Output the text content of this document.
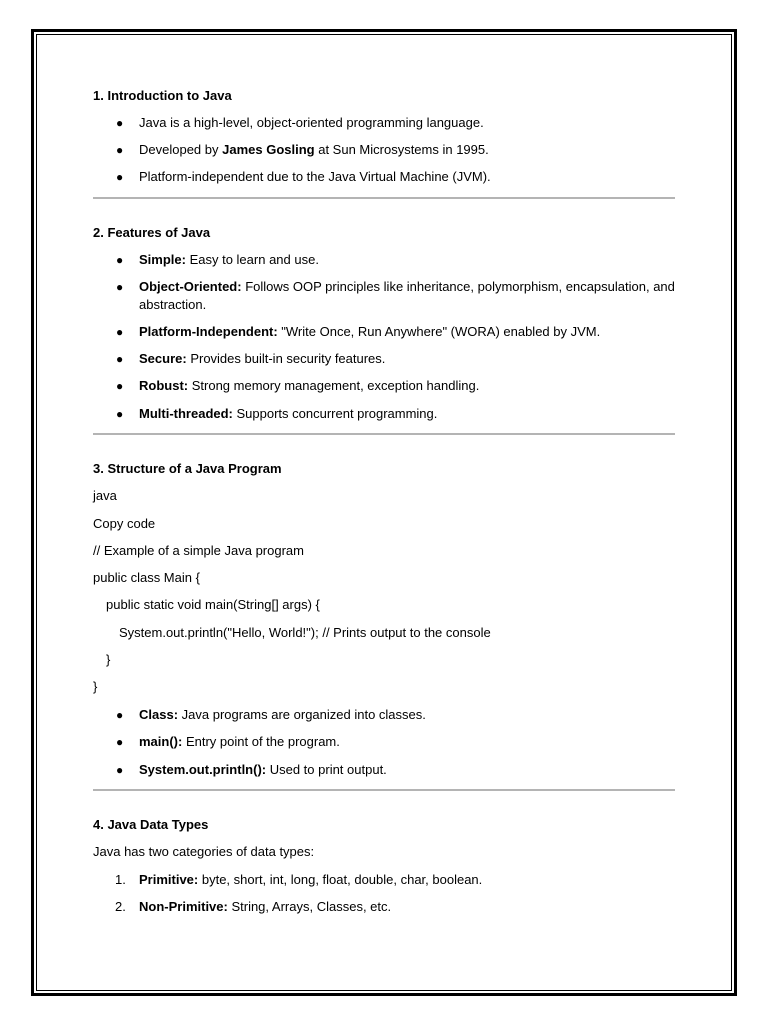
1. Introduction to Java
● Java is a high-level, object-oriented programming language.
● Developed by James Gosling at Sun Microsystems in 1995.
● Platform-independent due to the Java Virtual Machine (JVM).
2. Features of Java
● Simple: Easy to learn and use.
● Object-Oriented: Follows OOP principles like inheritance, polymorphism, encapsulation, and abstraction.
● Platform-Independent: "Write Once, Run Anywhere" (WORA) enabled by JVM.
● Secure: Provides built-in security features.
● Robust: Strong memory management, exception handling.
● Multi-threaded: Supports concurrent programming.
3. Structure of a Java Program
java
Copy code
// Example of a simple Java program
public class Main {
public static void main(String[] args) {
System.out.println("Hello, World!"); // Prints output to the console
}
}
● Class: Java programs are organized into classes.
● main(): Entry point of the program.
● System.out.println(): Used to print output.
4. Java Data Types
Java has two categories of data types:
1. Primitive: byte, short, int, long, float, double, char, boolean.
2. Non-Primitive: String, Arrays, Classes, etc.
